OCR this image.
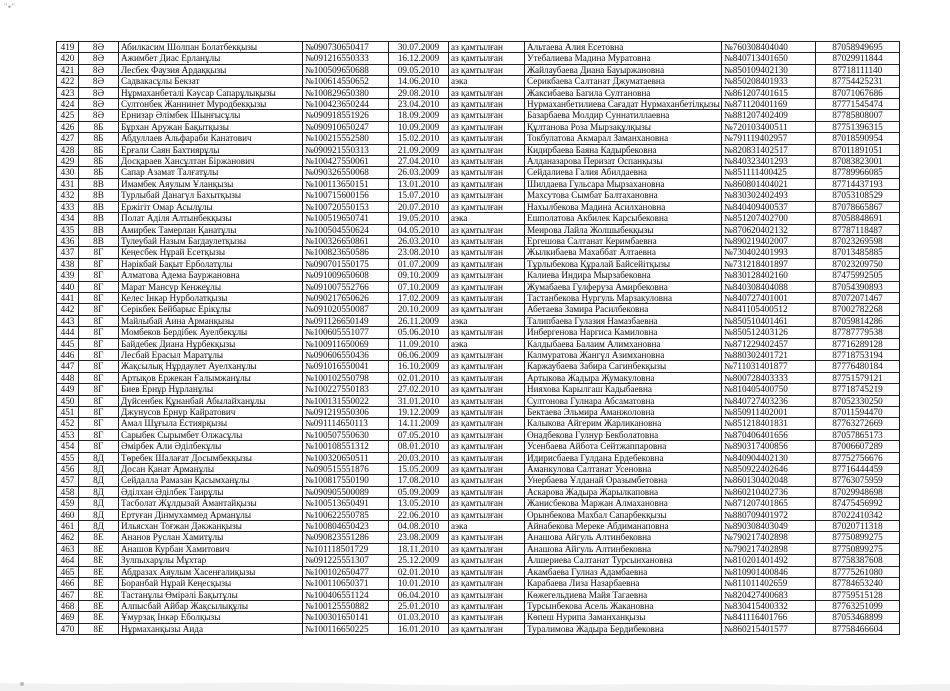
"٭"
419	8Ә	Абилкасим Шолпан Болатбекқызы	№090730650417	30.07.2009	аз қамтылған	Альтаева Алия Есетовна	№760308404040	87058949695
420	8Ә	Ажимбет Диас Ерланұлы	№091216550333	16.12.2009	аз қамтылған	Утебалиева Мадина Муратовна	№840713401650	87029911844
421	8Ә	Лесбек Фаузия Ардаққызы	№100509650688	09.05.2010	аз қамтылған	Жайлаубаева Диана Бауыржановна	№850109402130	87718111140
422	8Ә	Садвакасұлы Бекзат	№100614550652	14.06.2010	аэка	Серикбаева Салтанат Джуматаевна	№850208401933	87754425231
423	8Ә	Нұрмаханбеталі Кәусар Сапарұлықызы	№100829650380	29.08.2010	аз қамтылған	Жаксибаева Багила Султановна	№861207401615	87071067686
424	8Ә	Султонбек Жаннинет Муродбекқызы	№100423650244	23.04.2010	аз қамтылған	Нурмаханбетилиева Сағадат Нурмаханбетілқызы	№871120401169	87771545474
425	8Ә	Ернизар Әлімбек Шынғысұлы	№090918551926	18.09.2009	аз қамтылған	Базарбаева Молдир Суннатиллаевна	№881207402409	87785808007
426	8Б	Бұрхан Аружан Бақытқызы	№090910650247	10.09.2009	аз қамтылған	Құлтанова Роза Мырзақұлқызы	№720103400511	87751396315
427	8Б	Абдуллаев Альфараби Канатович	№100215552580	15.02.2010	аз қамтылған	Токбулатова Акмарал Заманхановна	№791119402957	87018590954
428	8Б	Ерғали Саян Бахтиярұлы	№090921550313	21.09.2009	аз қамтылған	Кидирбаева Баяна Кадырбековна	№820831402517	87011891051
429	8Б	Досқараев Хансұлтан Біржанович	№100427550061	27.04.2010	аз қамтылған	Алданазарова Перизат Оспанқызы	№840323401293	87083823001
430	8Б	Сапар Азамат Талғатұлы	№090326550068	26.03.2009	аз қамтылған	Сейдалиева Галия Абилдаевна	№851111400425	87789966085
431	8В	Имамбек Аяулым Ұланқызы	№100113650151	13.01.2010	аз қамтылған	Шилдаева Гульсара Мырзахановна	№860801404021	87714437193
432	8В	Турлыбай Данагүл Бахытқызы	№100715600156	15.07.2010	аз қамтылған	Махсутова Сымбат Балтахановна	№830302402493	87053108529
433	8В	Ержігіт Омар Асылұлы	№100720550153	20.07.2010	аз қамтылған	Нахылбекова Мадина Асилхановна	№840409400537	87078665867
434	8В	Полат Аділя Алтынбекқызы	№100519650741	19.05.2010	аэка	Ешполатова Акбилек Карсыбековна	№851207402700	87058848691
435	8В	Амирбек Тамерлан Қанатұлы	№100504550624	04.05.2010	аз қамтылған	Меирова Лайла Жолшыбекқызы	№870620402132	87787118487
436	8В	Тулеубай Назым Багдаулетқызы	№100326650861	26.03.2010	аз қамтылған	Ергешова Салтанат Керимбаевна	№890219402007	87023269598
437	8Г	Кеңесбек Нұрай Есетқызы	№100823650586	23.08.2010	аз қамтылған	Жылкибаева Махаббат Алтаевна	№730402401993	87013485885
438	8Г	Нәрікбай Бақыт Ерболатұлы	№090701550175	01.07.2009	аз қамтылған	Тұрлыбекова Құралай Байсейітқызы	№731218401897	87023209750
439	8Г	Алматова Адема Бауржановна	№091009650608	09.10.2009	аз қамтылған	Калиева Индира Мырзабековна	№830128402160	87475992505
440	8Г	Марат Мансур Кенжеұлы	№091007552766	07.10.2009	аз қамтылған	Жумабаева Гулферуза Амирбековна	№840308404088	87054390893
441	8Г	Келес Інкәр Нурболатқызы	№090217650626	17.02.2009	аз қамтылған	Тастанбекова Нургуль Марзакуловна	№840727401001	87072071467
442	8Г	Серікбек Бейбарыс Ерікұлы	№091020550087	20.10.2009	аз қамтылған	Абетаева Замира Расилбековна	№841105400512	87002782268
443	8Г	Майлыбай Аина Арманқызы	№091126650149	26.11.2009	аэка	Талипбаева Гулазия Намазбаевна	№850510401461	87059814286
444	8Г	Момбеков Бердібек Ауелбекұлы	№100605551077	05.06.2010	аз қамтылған	Инбергенова Наргиса Камиловна	№850512403126	87787779538
445	8Г	Байдебек Диана Нұрбекқызы	№100911650069	11.09.2010	аэка	Калдыбаева Балаим Алимхановна	№871229402457	87716289128
446	8Г	Лесбай Ерасыл Маратұлы	№090606550436	06.06.2009	аз қамтылған	Калмуратова Жангүл Азимхановна	№880302401721	87718753194
447	8Г	Жақсылық Нұрдаулет Ауелханұлы	№091016550041	16.10.2009	аз қамтылған	Каржаубаева Забира Сагинбекқызы	№711031401877	87776480184
448	8Г	Артықов Ержекан Ғалымжанұлы	№100102550798	02.01.2010	аз қамтылған	Артыкова Жадыра Жумакуловна	№800728403333	87751579121
449	8Г	Биев Ернұр Нұрланұлы	№100227550183	27.02.2010	аз қамтылған	Нияхова Карылгаш Кадыбаевна	№810405400750	87718745219
450	8Г	Дүйсенбек Құнанбай Абылайханұлы	№100131550022	31.01.2010	аз қамтылған	Султонова Гулнара Абсаматовна	№840727403236	87052330250
451	8Г	Джунусов Ернур Кайратович	№091219550306	19.12.2009	аз қамтылған	Бектаева Эльмира Аманжоловна	№850911402001	87011594470
452	8Г	Амал Шұғыла Естиярқызы	№091114650113	14.11.2009	аз қамтылған	Калыкова Айгерим Жарликановна	№851218401831	87763272669
453	8Г	Сарыбек Сырымбет Олжасұлы	№100507550630	07.05.2010	аз қамтылған	Онадбекова Гулнур Бекболатовна	№870406401656	87057865173
454	8Г	Әмірбек Али Әділбекұлы	№100108551312	08.01.2010	аз қамтылған	Усенбаева Айбота Сейтжаппаровна	№890317400856	87006607289
455	8Д	Төребек Шалағат Досымбекқызы	№100320650511	20.03.2010	аз қамтылған	Идирисбаева Гулдана Ердебековна	№840904402130	87752756676
456	8Д	Досан Қанат Арманұлы	№090515551876	15.05.2009	аз қамтылған	Аманкулова Салтанат Усеновна	№850922402646	87716444459
457	8Д	Сейдалла Рамазан Қасымханұлы	№100817550190	17.08.2010	аз қамтылған	Унербаева Ұлданай Оразымбетовна	№860130402048	87763075959
458	8Д	Әділхан Әділбек Таирұлы	№090905500089	05.09.2009	аз қамтылған	Аскарова Жадыра Жарылкаповна	№860210402736	87029948698
459	8Д	Тасболат Жұлдызай Амантайқызы	№100513650491	13.05.2010	аз қамтылған	Жанисбекова Маржан Алмахановна	№871207401865	87475456992
460	8Д	Ертуған Дінмухаммед Арманұлы	№100622550785	22.06.2010	аз қамтылған	Орынбекова Махбал Сапарбекқызы	№880709401972	87022410342
461	8Д	Ильясхан Тоғжан Дәкжанқызы	№100804650423	04.08.2010	аэка	Айнабекова Мереке Абдиманаповна	№890308403049	87020711318
462	8Е	Ананов Руслан Хамитұлы	№090823551286	23.08.2009	аз қамтылған	Анашова Айгуль Алтинбековна	№790217402898	87750899275
463	8Е	Анашов Курбан Хамитович	№101118501729	18.11.2010	аз қамтылған	Анашова Айгуль Алтинбековна	№790217402898	87750899275
464	8Е	Зулпыхарұлы Мұхтар	№091225551307	25.12.2009	аз қамтылған	Алшериева Салтанат Турсынхановна	№810201401492	87758387608
465	8Е	Абдразах Аяулым Хасенғалиқызы	№100102650477	02.01.2010	аз қамтылған	Акамбаева Гулназ Адамбаевна	№810901400846	87775261080
466	8Е	Боранбай Нұрай Кеңесқызы	№100110650371	10.01.2010	аз қамтылған	Карабаева Лиза Назарбаевна	№811011402659	87784653240
467	8Е	Тастанұлы Өмірәлі Бақытұлы	№100406551124	06.04.2010	аз қамтылған	Көжегельдиева Майя Тагаевна	№820427400683	87759515128
468	8Е	Алпысбай Айбар Жақсылықұлы	№100125550882	25.01.2010	аз қамтылған	Турсынбекова Асель Жакановна	№830415400332	87763251099
469	8Е	Ұмурзақ Інкәр Еболқызы	№100301650141	01.03.2010	аз қамтылған	Көпеш Нурипа Заманханқызы	№841116401766	87053468899
470	8Е	Нұрмаханқызы Аида	№100116650225	16.01.2010	аз қамтылған	Туралимова Жадыра Бердибековна	№860215401577	87758466604
